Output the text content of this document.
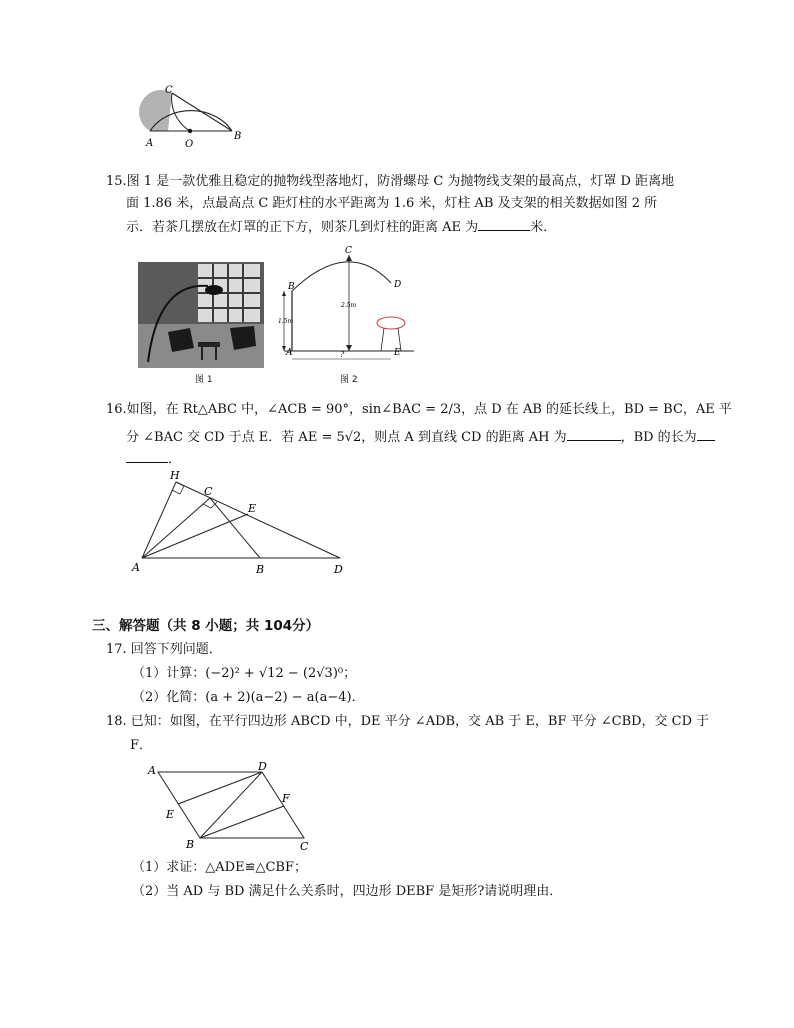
C
A	O
B
15.图 1 是一款优雅且稳定的抛物线型落地灯，防滑螺母 C 为抛物线支架的最高点，灯罩 D 距离地
面 1.86 米，点最高点 C 距灯柱的水平距离为 1.6 米，灯柱 AB 及支架的相关数据如图 2 所
示．若茶几摆放在灯罩的正下方，则茶几到灯柱的距离 AE 为	米．
图 1
C
D
B
A	E
1.5m
2.5m
?
图 2
16.如图，在 Rt△ABC 中，∠ACB = 90°，sin∠BAC = 2/3，点 D 在 AB 的延长线上，BD = BC，AE 平
分 ∠BAC 交 CD 于点 E．若 AE = 5√2，则点 A 到直线 CD 的距离 AH 为	，BD 的长为
．
H
C
E
A	B	D
三、解答题（共 8 小题；共 104分）
17. 回答下列问题．
（1）计算：(−2)² + √12 − (2√3)⁰；
（2）化简：(a + 2)(a−2) − a(a−4)．
18. 已知：如图，在平行四边形 ABCD 中，DE 平分 ∠ADB，交 AB 于 E，BF 平分 ∠CBD，交 CD 于
F．
A	D
E
F
B	C
（1）求证：△ADE≌△CBF；
（2）当 AD 与 BD 满足什么关系时，四边形 DEBF 是矩形?请说明理由．
